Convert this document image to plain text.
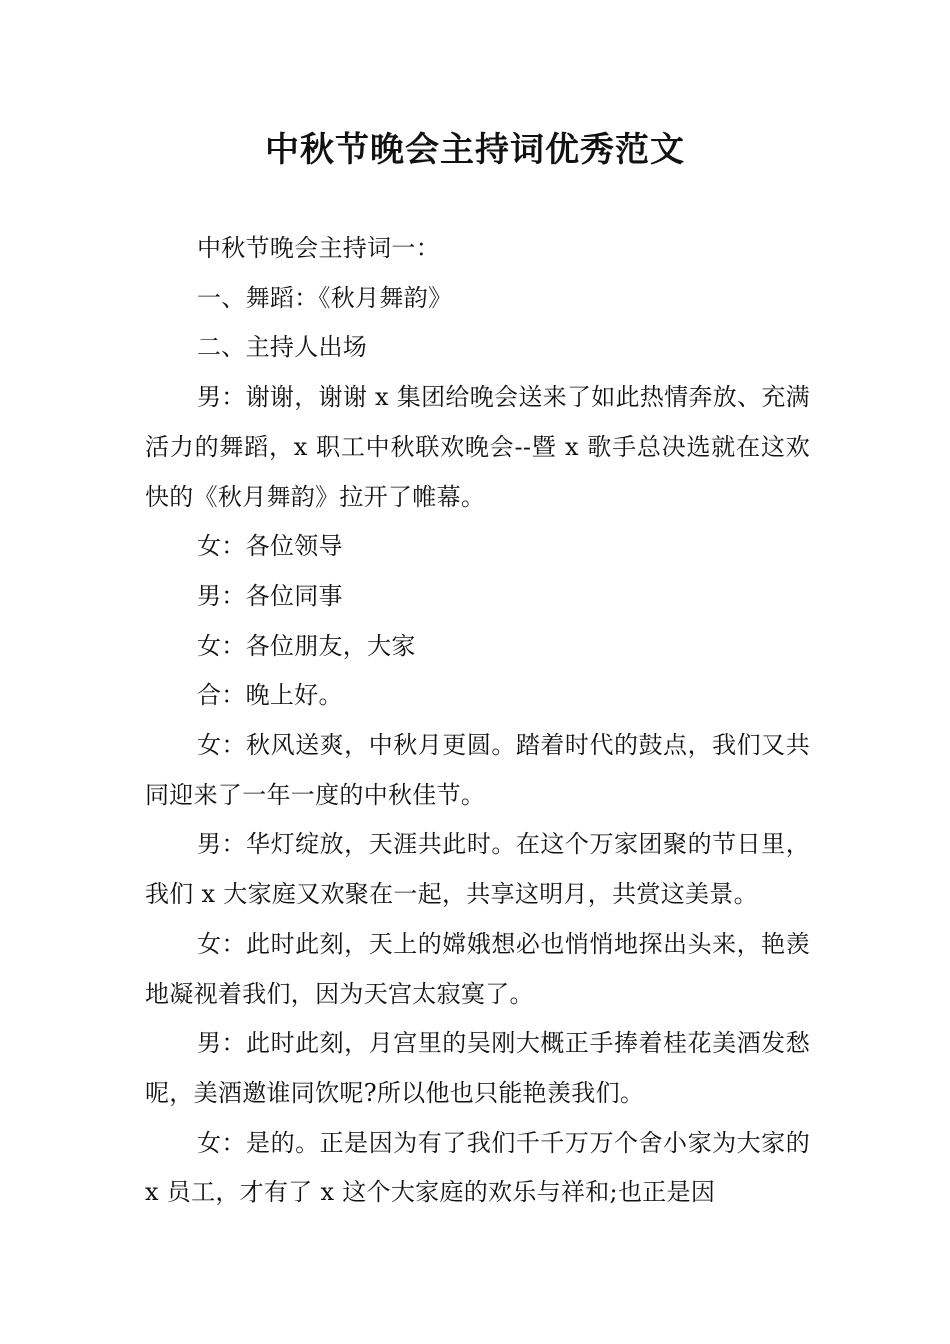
中秋节晚会主持词优秀范文

中秋节晚会主持词一：

一、舞蹈：《秋月舞韵》

二、主持人出场

男：谢谢，谢谢 x 集团给晚会送来了如此热情奔放、充满活力的舞蹈，x 职工中秋联欢晚会--暨 x 歌手总决选就在这欢快的《秋月舞韵》拉开了帷幕。

女：各位领导

男：各位同事

女：各位朋友，大家

合：晚上好。

女：秋风送爽，中秋月更圆。踏着时代的鼓点，我们又共同迎来了一年一度的中秋佳节。

男：华灯绽放，天涯共此时。在这个万家团聚的节日里，我们 x 大家庭又欢聚在一起，共享这明月，共赏这美景。

女：此时此刻，天上的嫦娥想必也悄悄地探出头来，艳羡地凝视着我们，因为天宫太寂寞了。

男：此时此刻，月宫里的吴刚大概正手捧着桂花美酒发愁呢，美酒邀谁同饮呢?所以他也只能艳羡我们。

女：是的。正是因为有了我们千千万万个舍小家为大家的 x 员工，才有了 x 这个大家庭的欢乐与祥和;也正是因
